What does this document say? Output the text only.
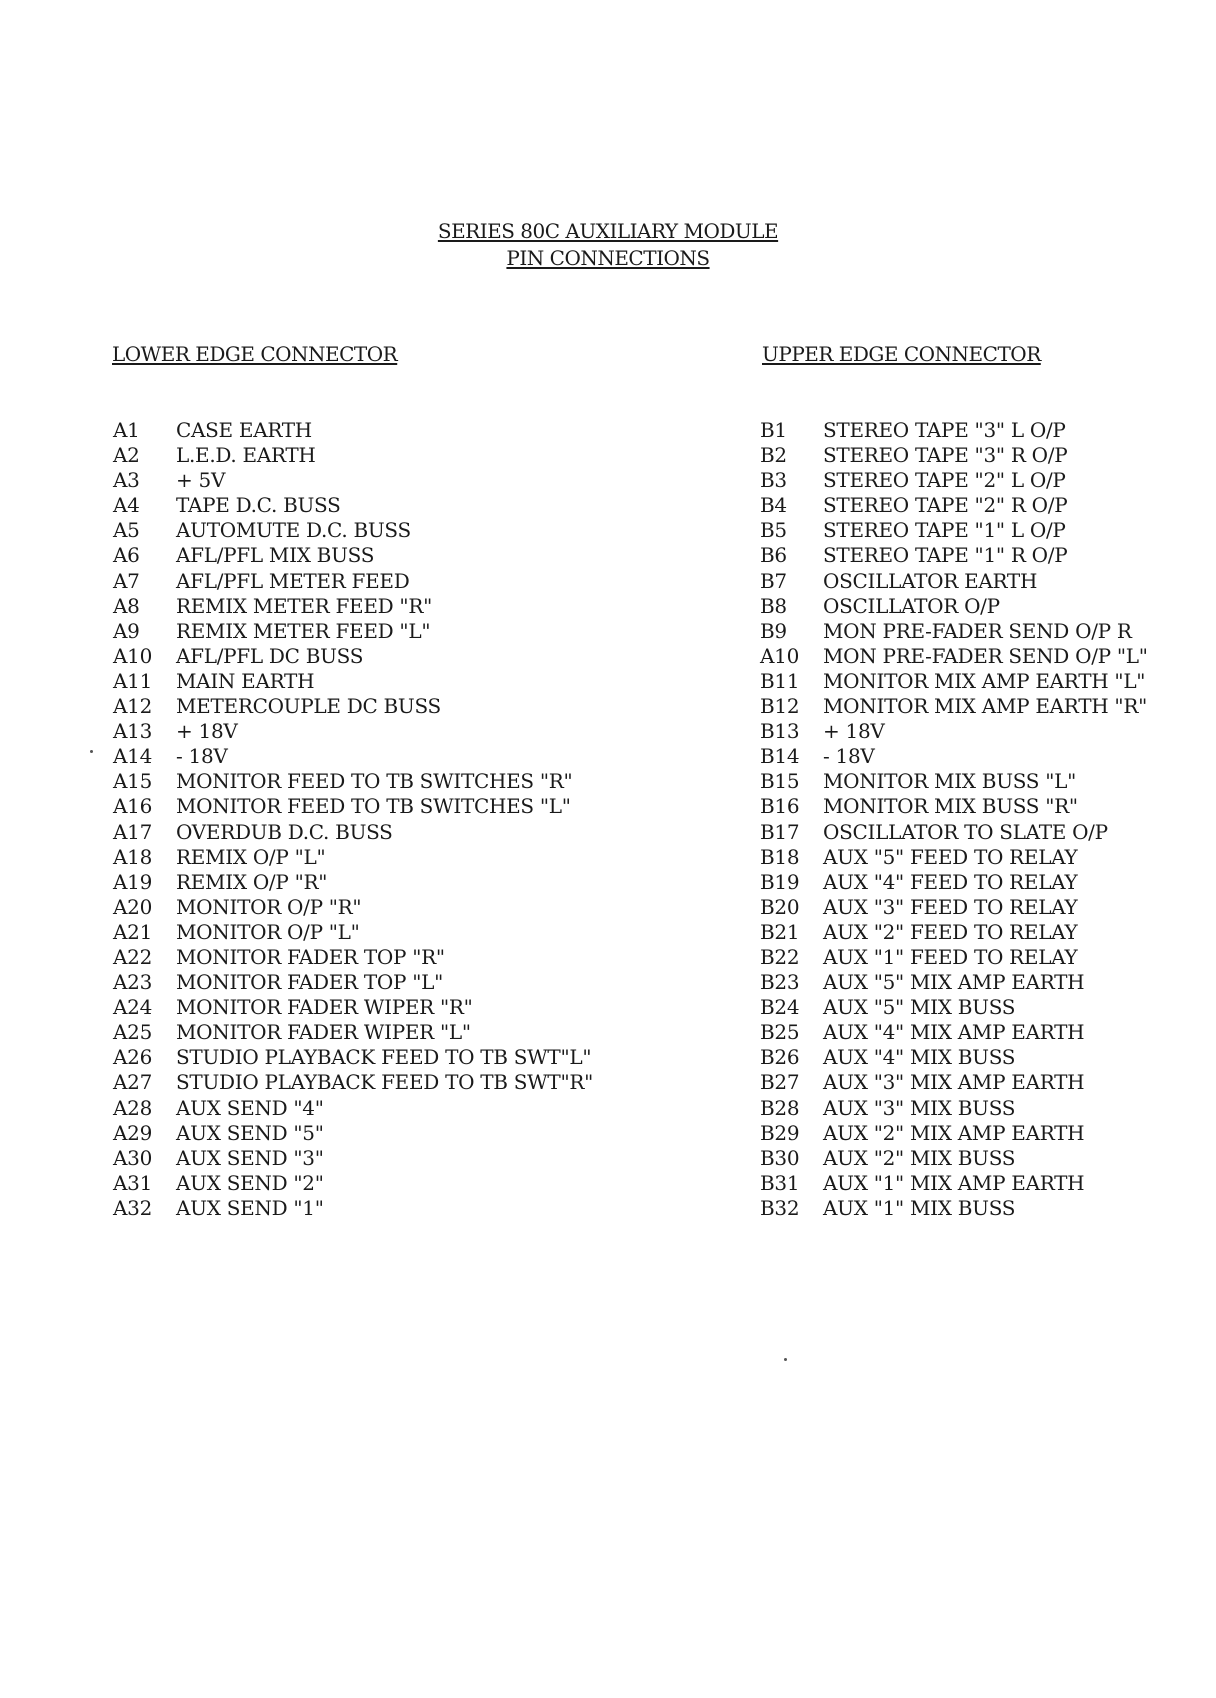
SERIES 80C AUXILIARY MODULE
PIN CONNECTIONS
LOWER EDGE CONNECTOR	UPPER EDGE CONNECTOR
A1 CASE EARTH
A2 L.E.D. EARTH
A3 + 5V
A4 TAPE D.C. BUSS
A5 AUTOMUTE D.C. BUSS
A6 AFL/PFL MIX BUSS
A7 AFL/PFL METER FEED
A8 REMIX METER FEED "R"
A9 REMIX METER FEED "L"
A10 AFL/PFL DC BUSS
A11 MAIN EARTH
A12 METERCOUPLE DC BUSS
A13 + 18V
A14 - 18V
A15 MONITOR FEED TO TB SWITCHES "R"
A16 MONITOR FEED TO TB SWITCHES "L"
A17 OVERDUB D.C. BUSS
A18 REMIX O/P "L"
A19 REMIX O/P "R"
A20 MONITOR O/P "R"
A21 MONITOR O/P "L"
A22 MONITOR FADER TOP "R"
A23 MONITOR FADER TOP "L"
A24 MONITOR FADER WIPER "R"
A25 MONITOR FADER WIPER "L"
A26 STUDIO PLAYBACK FEED TO TB SWT"L"
A27 STUDIO PLAYBACK FEED TO TB SWT"R"
A28 AUX SEND "4"
A29 AUX SEND "5"
A30 AUX SEND "3"
A31 AUX SEND "2"
A32 AUX SEND "1"
B1 STEREO TAPE "3" L O/P
B2 STEREO TAPE "3" R O/P
B3 STEREO TAPE "2" L O/P
B4 STEREO TAPE "2" R O/P
B5 STEREO TAPE "1" L O/P
B6 STEREO TAPE "1" R O/P
B7 OSCILLATOR EARTH
B8 OSCILLATOR O/P
B9 MON PRE-FADER SEND O/P R
A10 MON PRE-FADER SEND O/P "L"
B11 MONITOR MIX AMP EARTH "L"
B12 MONITOR MIX AMP EARTH "R"
B13 + 18V
B14 - 18V
B15 MONITOR MIX BUSS "L"
B16 MONITOR MIX BUSS "R"
B17 OSCILLATOR TO SLATE O/P
B18 AUX "5" FEED TO RELAY
B19 AUX "4" FEED TO RELAY
B20 AUX "3" FEED TO RELAY
B21 AUX "2" FEED TO RELAY
B22 AUX "1" FEED TO RELAY
B23 AUX "5" MIX AMP EARTH
B24 AUX "5" MIX BUSS
B25 AUX "4" MIX AMP EARTH
B26 AUX "4" MIX BUSS
B27 AUX "3" MIX AMP EARTH
B28 AUX "3" MIX BUSS
B29 AUX "2" MIX AMP EARTH
B30 AUX "2" MIX BUSS
B31 AUX "1" MIX AMP EARTH
B32 AUX "1" MIX BUSS
